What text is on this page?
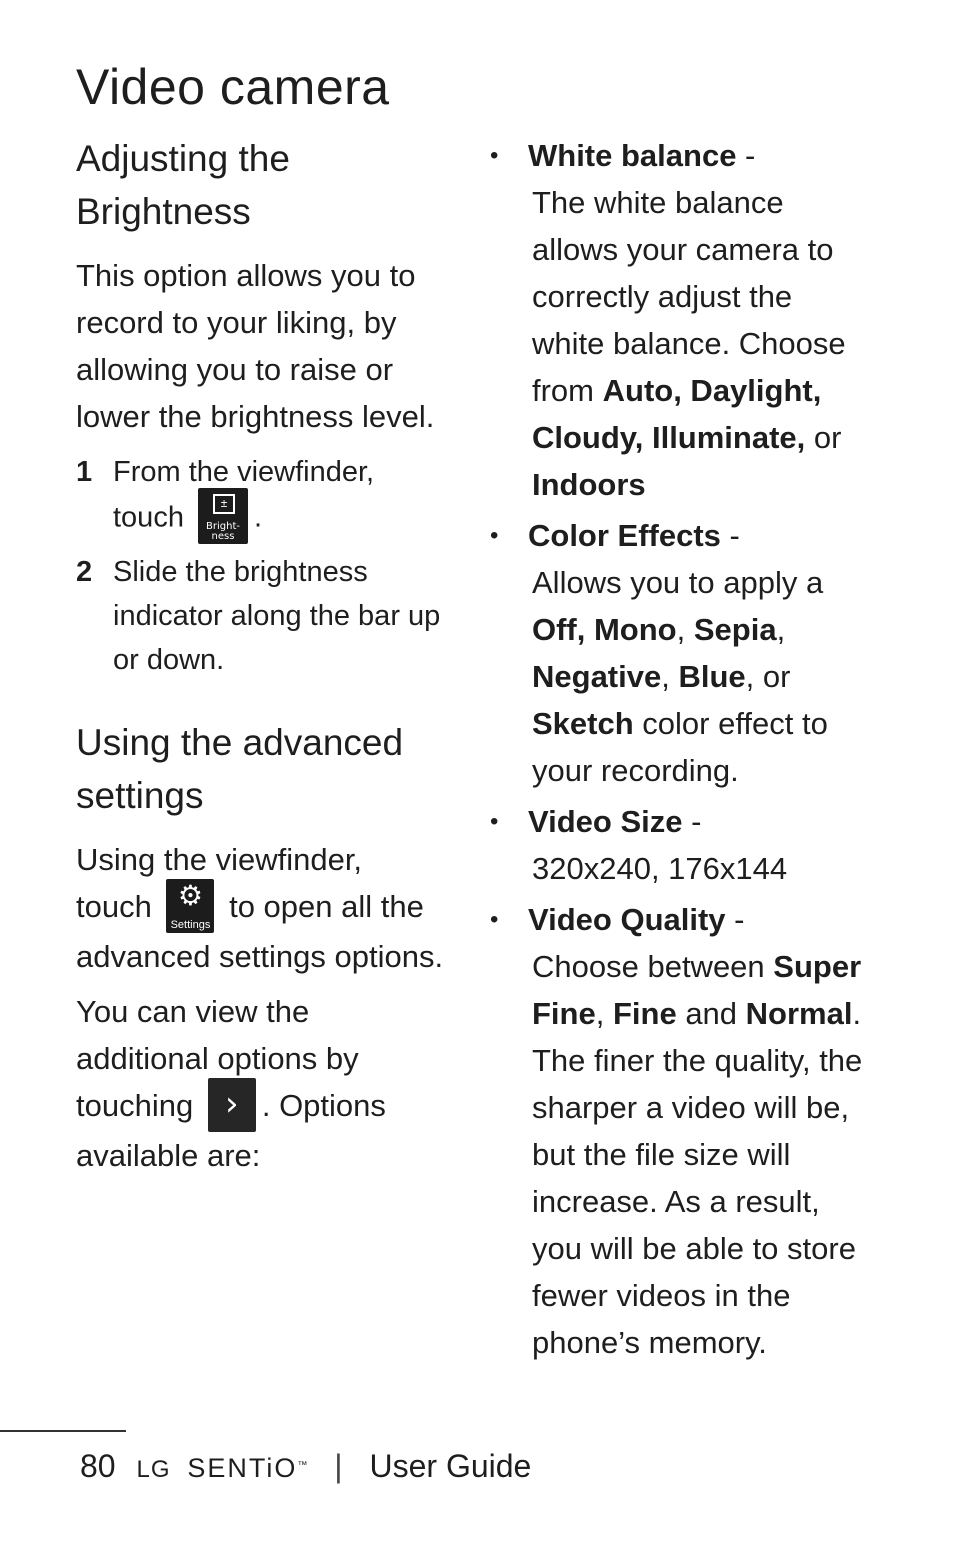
Video camera
Adjusting the Brightness

This option allows you to record to your liking, by allowing you to raise or lower the brightness level.

1 From the viewfinder, touch	±
Bright-ness
.
2 Slide the brightness indicator along the bar up or down.
Using the advanced settings

Using the viewfinder, touch ⚙
Settings
to open all the advanced settings options.

You can view the additional options by touching › . Options available are:

• White balance -
The white balance allows your camera to correctly adjust the white balance. Choose from Auto, Daylight, Cloudy, Illuminate, or Indoors
• Color Effects -
Allows you to apply a Off, Mono, Sepia, Negative, Blue, or Sketch color effect to your recording.
• Video Size -
320x240, 176x144
• Video Quality -
Choose between Super Fine, Fine and Normal. The finer the quality, the sharper a video will be, but the file size will increase. As a result, you will be able to store fewer videos in the phone’s memory.
80 LG SENTiO™ | User Guide
